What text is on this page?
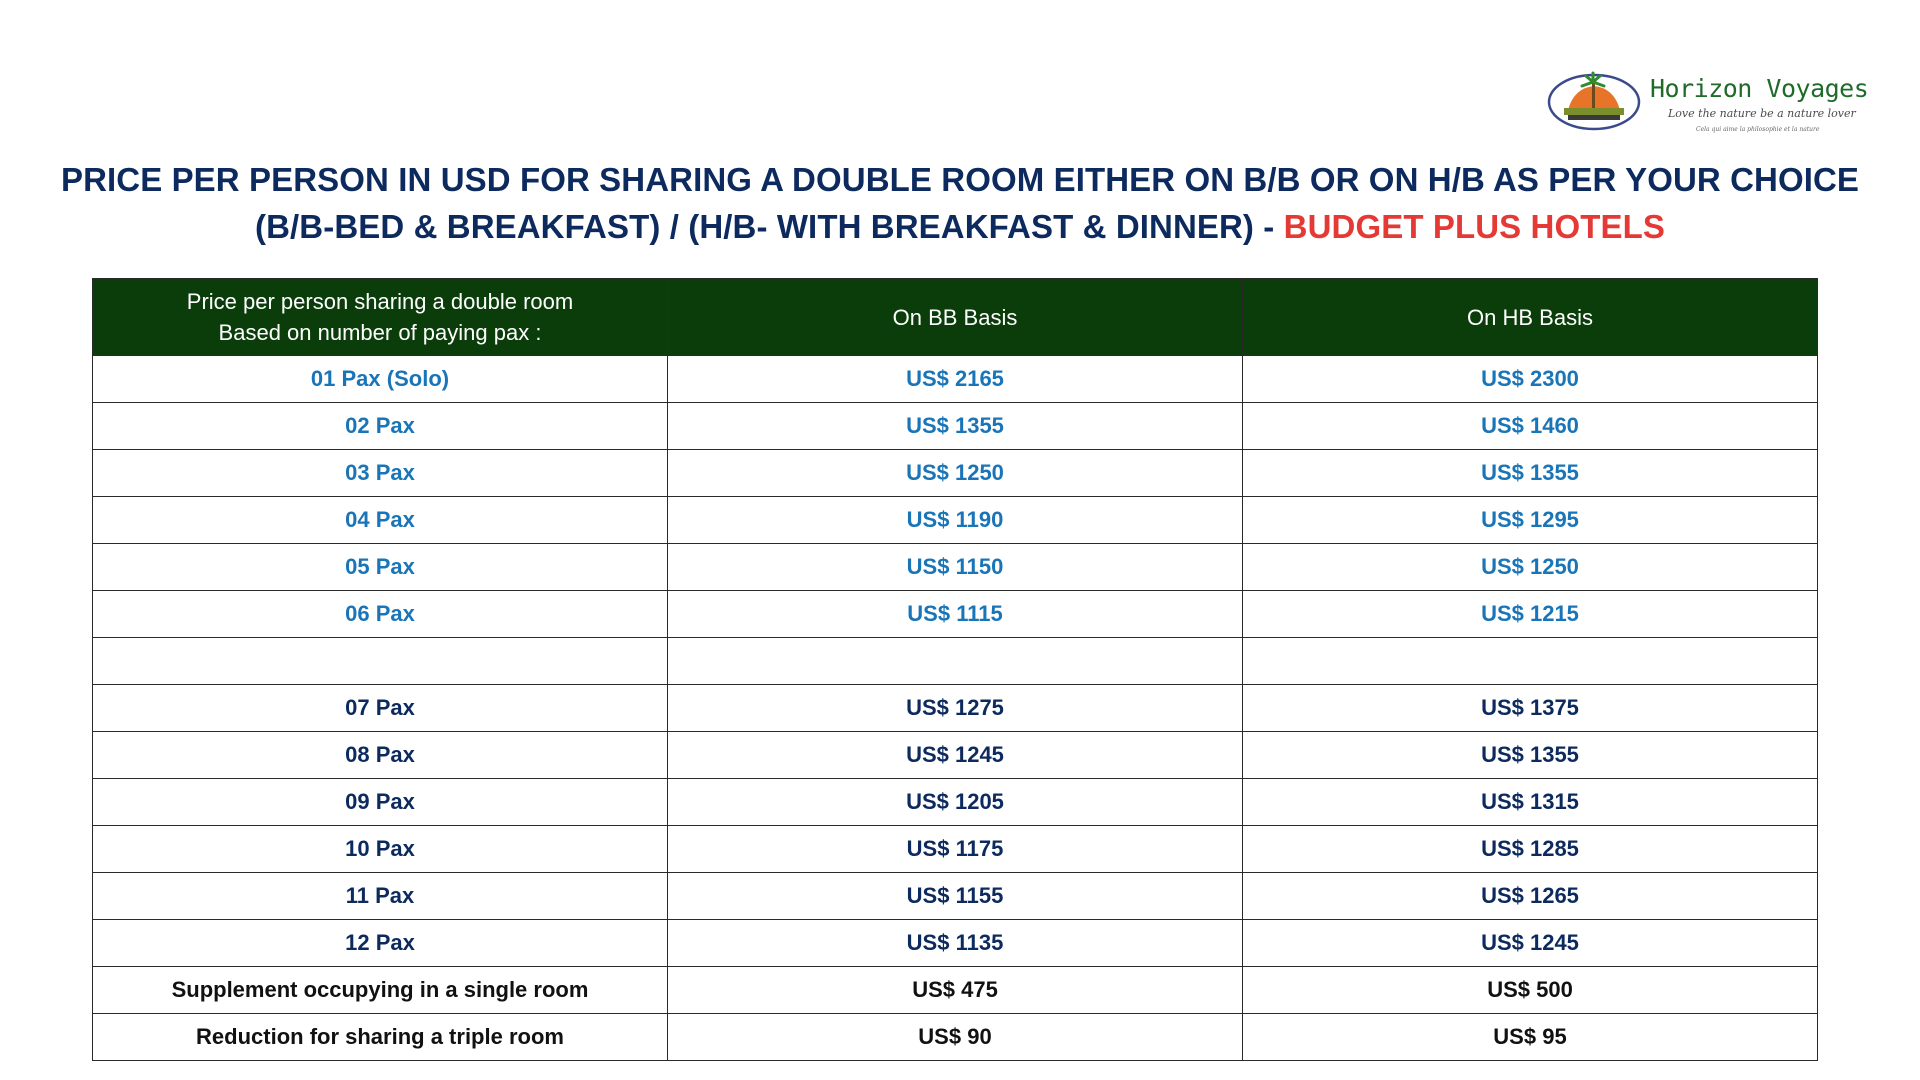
Horizon Voyages
Love the nature be a nature lover
Cela qui aime la philosophie et la nature
PRICE PER PERSON IN USD FOR SHARING A DOUBLE ROOM EITHER ON B/B OR ON H/B AS PER YOUR CHOICE
(B/B-BED & BREAKFAST) / (H/B- WITH BREAKFAST & DINNER) - BUDGET PLUS HOTELS
Price per person sharing a double room
Based on number of paying pax :	On BB Basis	On HB Basis
01 Pax (Solo)	US$ 2165	US$ 2300
02 Pax	US$ 1355	US$ 1460
03 Pax	US$ 1250	US$ 1355
04 Pax	US$ 1190	US$ 1295
05 Pax	US$ 1150	US$ 1250
06 Pax	US$ 1115	US$ 1215

07 Pax	US$ 1275	US$ 1375
08 Pax	US$ 1245	US$ 1355
09 Pax	US$ 1205	US$ 1315
10 Pax	US$ 1175	US$ 1285
11 Pax	US$ 1155	US$ 1265
12 Pax	US$ 1135	US$ 1245
Supplement occupying in a single room	US$ 475	US$ 500
Reduction for sharing a triple room	US$ 90	US$ 95
